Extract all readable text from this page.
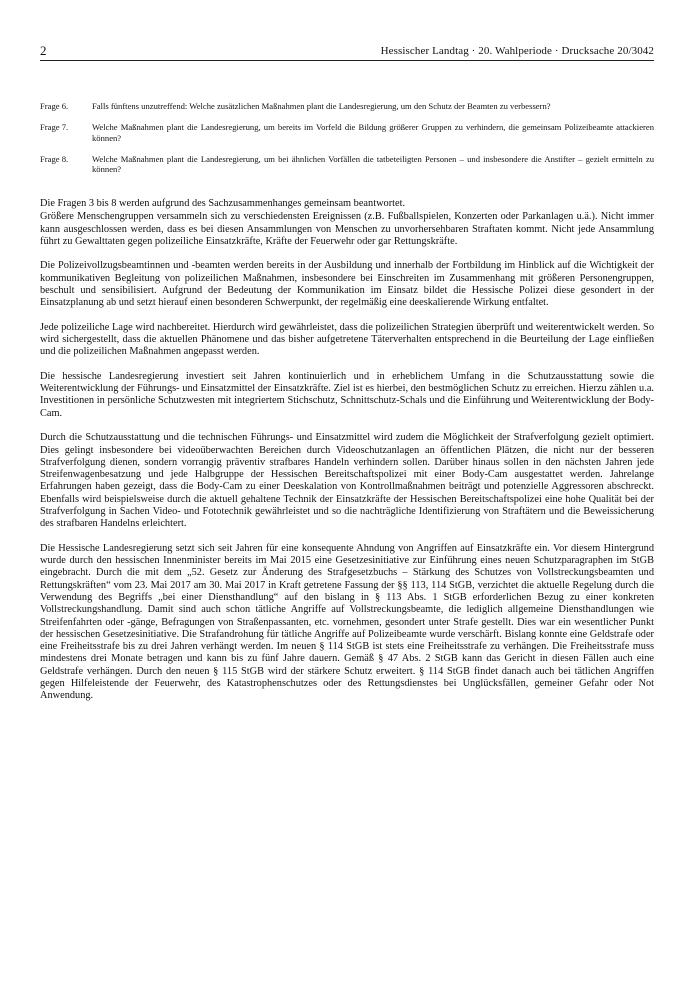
2	Hessischer Landtag · 20. Wahlperiode · Drucksache 20/3042
Frage 6.	Falls fünftens unzutreffend: Welche zusätzlichen Maßnahmen plant die Landesregierung, um den Schutz der Beamten zu verbessern?
Frage 7.	Welche Maßnahmen plant die Landesregierung, um bereits im Vorfeld die Bildung größerer Gruppen zu verhindern, die gemeinsam Polizeibeamte attackieren können?
Frage 8.	Welche Maßnahmen plant die Landesregierung, um bei ähnlichen Vorfällen die tatbeteiligten Personen – und insbesondere die Anstifter – gezielt ermitteln zu können?

Die Fragen 3 bis 8 werden aufgrund des Sachzusammenhanges gemeinsam beantwortet.

Größere Menschengruppen versammeln sich zu verschiedensten Ereignissen (z.B. Fußballspielen, Konzerten oder Parkanlagen u.ä.). Nicht immer kann ausgeschlossen werden, dass es bei diesen Ansammlungen von Menschen zu unvorhersehbaren Straftaten kommt. Nicht jede Ansammlung führt zu Gewalttaten gegen polizeiliche Einsatzkräfte, Kräfte der Feuerwehr oder gar Rettungskräfte.

Die Polizeivollzugsbeamtinnen und -beamten werden bereits in der Ausbildung und innerhalb der Fortbildung im Hinblick auf die Wichtigkeit der kommunikativen Begleitung von polizeilichen Maßnahmen, insbesondere bei Einschreiten im Zusammenhang mit größeren Personengruppen, beschult und sensibilisiert. Aufgrund der Bedeutung der Kommunikation im Einsatz bildet die Hessische Polizei diese gesondert in der Einsatzplanung ab und setzt hierauf einen besonderen Schwerpunkt, der regelmäßig eine deeskalierende Wirkung entfaltet.

Jede polizeiliche Lage wird nachbereitet. Hierdurch wird gewährleistet, dass die polizeilichen Strategien überprüft und weiterentwickelt werden. So wird sichergestellt, dass die aktuellen Phänomene und das bisher aufgetretene Täterverhalten entsprechend in die Beurteilung der Lage einfließen und die polizeilichen Maßnahmen angepasst werden.

Die hessische Landesregierung investiert seit Jahren kontinuierlich und in erheblichem Umfang in die Schutzausstattung sowie die Weiterentwicklung der Führungs- und Einsatzmittel der Einsatzkräfte. Ziel ist es hierbei, den bestmöglichen Schutz zu erreichen. Hierzu zählen u.a. Investitionen in persönliche Schutzwesten mit integriertem Stichschutz, Schnittschutz-Schals und die Einführung und Weiterentwicklung der Body-Cam.

Durch die Schutzausstattung und die technischen Führungs- und Einsatzmittel wird zudem die Möglichkeit der Strafverfolgung gezielt optimiert. Dies gelingt insbesondere bei videoüberwachten Bereichen durch Videoschutzanlagen an öffentlichen Plätzen, die nicht nur der besseren Strafverfolgung dienen, sondern vorrangig präventiv strafbares Handeln verhindern sollen. Darüber hinaus sollen in den nächsten Jahren jede Streifenwagenbesatzung und jede Halbgruppe der Hessischen Bereitschaftspolizei mit einer Body-Cam ausgestattet werden. Jahrelange Erfahrungen haben gezeigt, dass die Body-Cam zu einer Deeskalation von Kontrollmaßnahmen beiträgt und potenzielle Aggressoren abschreckt. Ebenfalls wird beispielsweise durch die aktuell gehaltene Technik der Einsatzkräfte der Hessischen Bereitschaftspolizei eine hohe Qualität bei der Strafverfolgung in Sachen Video- und Fototechnik gewährleistet und so die nachträgliche Identifizierung von Straftätern und die Beweissicherung des strafbaren Handelns erleichtert.

Die Hessische Landesregierung setzt sich seit Jahren für eine konsequente Ahndung von Angriffen auf Einsatzkräfte ein. Vor diesem Hintergrund wurde durch den hessischen Innenminister bereits im Mai 2015 eine Gesetzesinitiative zur Einführung eines neuen Schutzparagraphen im StGB eingebracht. Durch die mit dem „52. Gesetz zur Änderung des Strafgesetzbuchs – Stärkung des Schutzes von Vollstreckungsbeamten und Rettungskräften“ vom 23. Mai 2017 am 30. Mai 2017 in Kraft getretene Fassung der §§ 113, 114 StGB, verzichtet die aktuelle Regelung durch die Verwendung des Begriffs „bei einer Diensthandlung“ auf den bislang in § 113 Abs. 1 StGB erforderlichen Bezug zu einer konkreten Vollstreckungshandlung. Damit sind auch schon tätliche Angriffe auf Vollstreckungsbeamte, die lediglich allgemeine Diensthandlungen wie Streifenfahrten oder -gänge, Befragungen von Straßenpassanten, etc. vornehmen, gesondert unter Strafe gestellt. Dies war ein wesentlicher Punkt der hessischen Gesetzesinitiative. Die Strafandrohung für tätliche Angriffe auf Polizeibeamte wurde verschärft. Bislang konnte eine Geldstrafe oder eine Freiheitsstrafe bis zu drei Jahren verhängt werden. Im neuen § 114 StGB ist stets eine Freiheitsstrafe zu verhängen. Die Freiheitsstrafe muss mindestens drei Monate betragen und kann bis zu fünf Jahre dauern. Gemäß § 47 Abs. 2 StGB kann das Gericht in diesen Fällen auch eine Geldstrafe verhängen. Durch den neuen § 115 StGB wird der stärkere Schutz erweitert. § 114 StGB findet danach auch bei tätlichen Angriffen gegen Hilfeleistende der Feuerwehr, des Katastrophenschutzes oder des Rettungsdienstes bei Unglücksfällen, gemeiner Gefahr oder Not Anwendung.
